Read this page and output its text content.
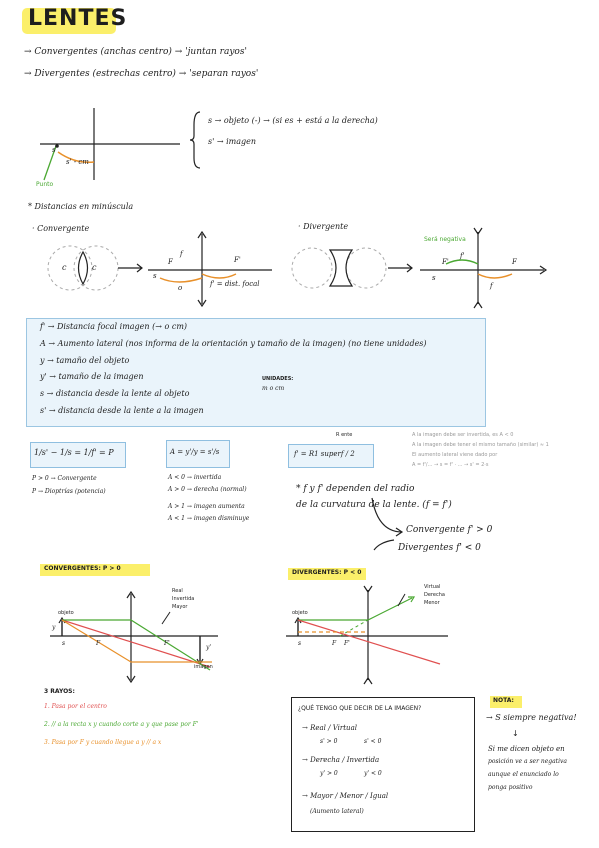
LENTES
→ Convergentes (anchas centro) → 'juntan rayos'
→ Divergentes (estrechas centro) → 'separan rayos'
s
s' - cm
Punto
s → objeto (-) → (si es + está a la derecha)
s' → imagen
* Distancias en minúscula
· Convergente
c	c
F	F'
f
s
o	f' = dist. focal
· Divergente
Será negativa
F'	F
s
f'
f
f' → Distancia focal imagen (→ o cm)
A → Aumento lateral (nos informa de la orientación y tamaño de la imagen) (no tiene unidades)
y → tamaño del objeto
y' → tamaño de la imagen
s → distancia desde la lente al objeto
s' → distancia desde la lente a la imagen
UNIDADES:
m o cm
1/s' − 1/s = 1/f' = P
P > 0 → Convergente
P → Dioptrías (potencia)
A = y'/y = s'/s
A < 0 → invertida
A > 0 → derecha (normal)
A > 1 → imagen aumenta
A < 1 → imagen disminuye
R ente
f' = R1 superf / 2
A la imagen debe ser invertida, es A < 0
A la imagen debe tener el mismo tamaño (similar) ≈ 1
El aumento lateral viene dado por
A = f'/... → s = f' · ... → s' = 2·s
* f y f' dependen del radio
de la curvatura de la lente. (f = f')
Convergente f' > 0
Divergentes f' < 0
CONVERGENTES: P > 0
objeto
y
y'
s	F	F'
imagen
Real
Invertida
Mayor
DIVERGENTES: P < 0
objeto
s	F F'
Virtual
Derecha
Menor
3 RAYOS:
1. Pasa por el centro
2. // a la recta x y cuando corte a y que pase por F'
3. Pasa por F y cuando llegue a y // a x
¿QUÉ TENGO QUE DECIR DE LA IMAGEN?
→ Real / Virtual
s' > 0	s' < 0
→ Derecha / Invertida
y' > 0	y' < 0
→ Mayor / Menor / Igual
(Aumento lateral)
NOTA:
→ S siempre negativa!
↓
Si me dicen objeto en
posición ve a ser negativa
aunque el enunciado lo
ponga positivo
